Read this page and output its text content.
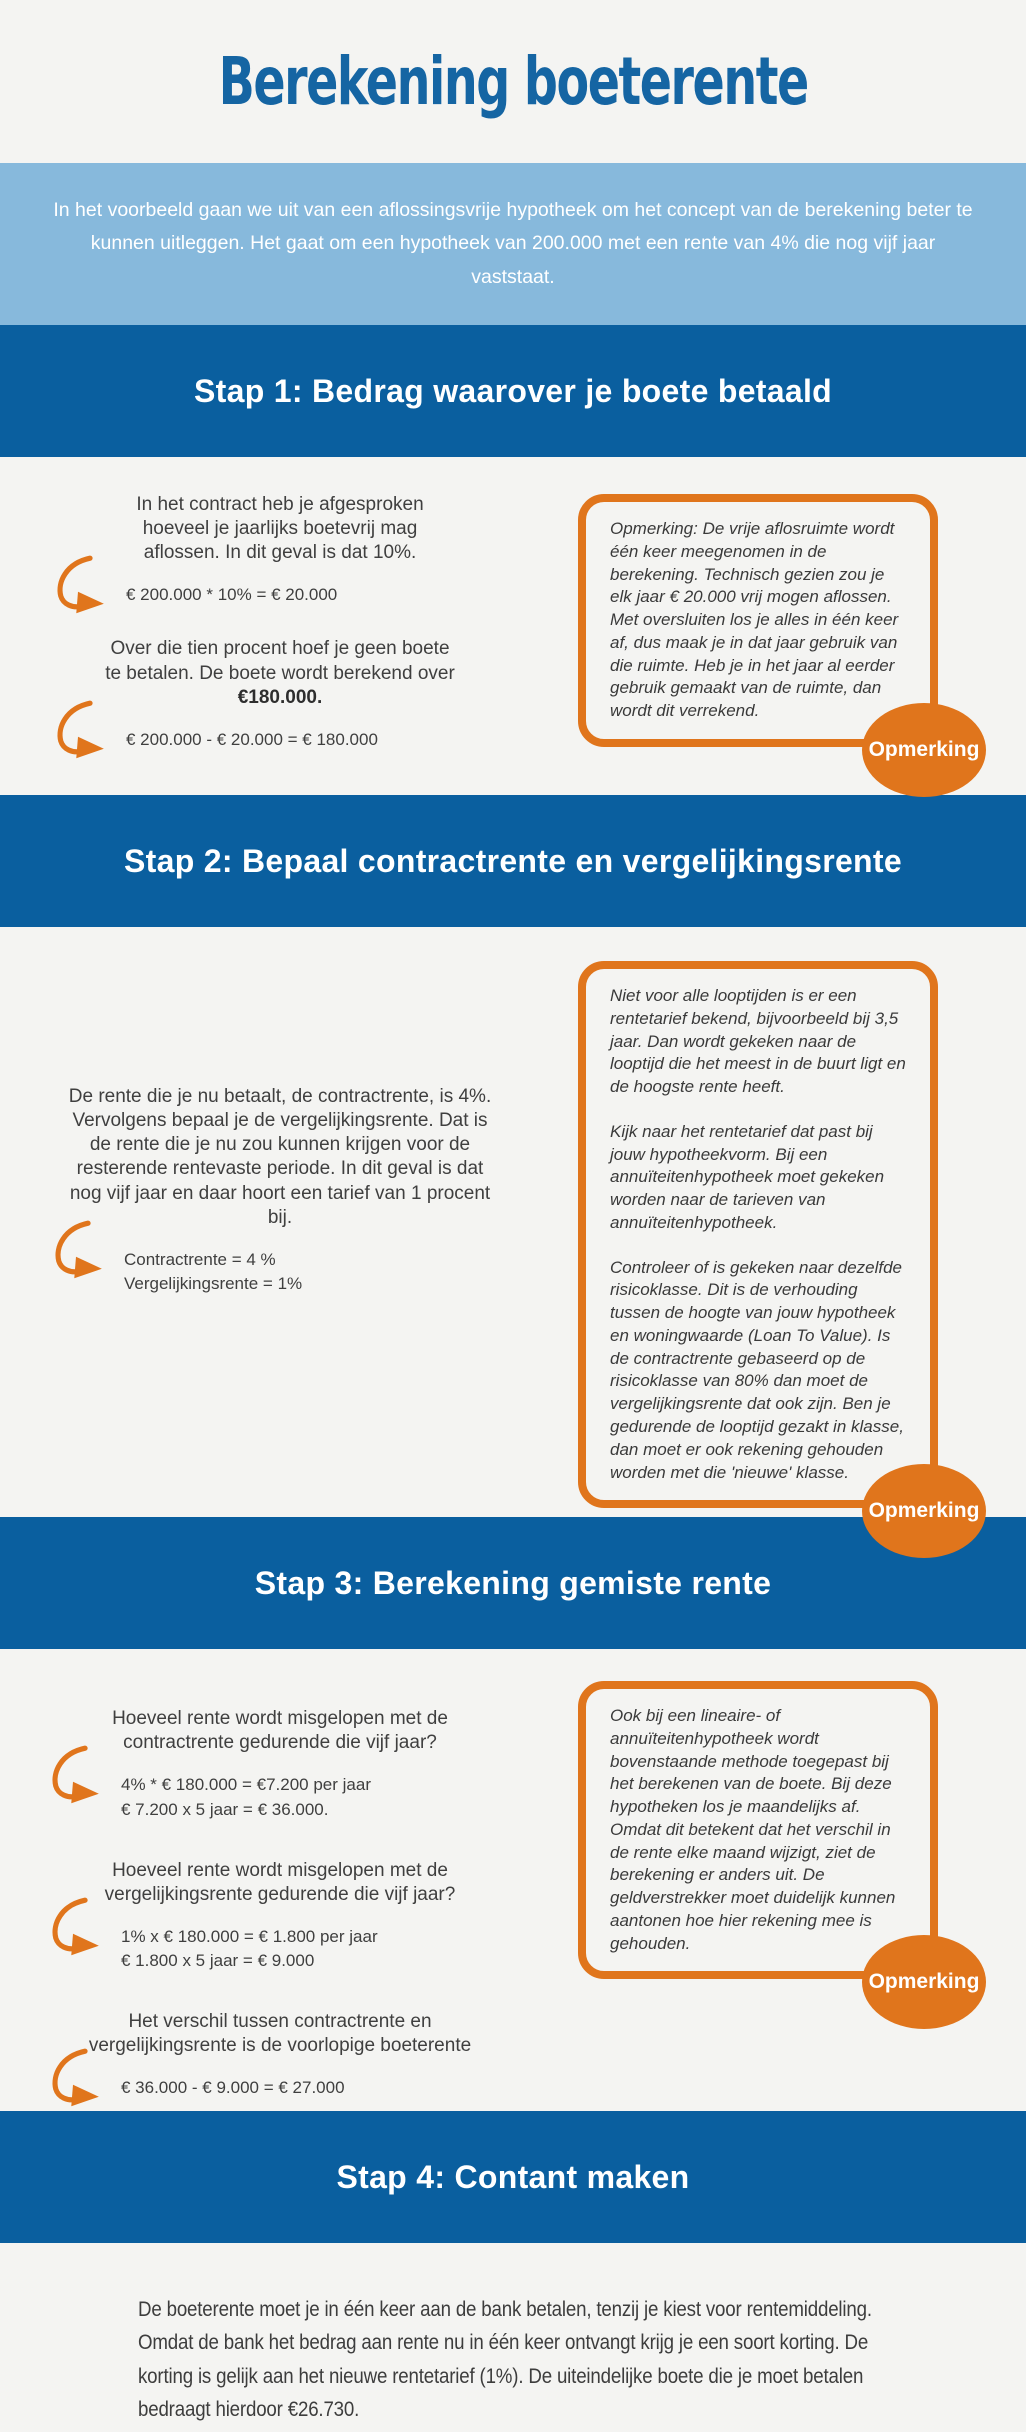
Berekening boeterente

In het voorbeeld gaan we uit van een aflossingsvrije hypotheek om het concept van de berekening beter te kunnen uitleggen. Het gaat om een hypotheek van 200.000 met een rente van 4% die nog vijf jaar vaststaat.

Stap 1: Bedrag waarover je boete betaald

In het contract heb je afgesproken hoeveel je jaarlijks boetevrij mag aflossen. In dit geval is dat 10%.

€ 200.000 * 10% = € 20.000

Over die tien procent hoef je geen boete te betalen. De boete wordt berekend over €180.000.

€ 200.000 - € 20.000 = € 180.000

Opmerking: De vrije aflosruimte wordt één keer meegenomen in de berekening. Technisch gezien zou je elk jaar € 20.000 vrij mogen aflossen. Met oversluiten los je alles in één keer af, dus maak je in dat jaar gebruik van die ruimte. Heb je in het jaar al eerder gebruik gemaakt van de ruimte, dan wordt dit verrekend.

Opmerking
Stap 2: Bepaal contractrente en vergelijkingsrente

De rente die je nu betaalt, de contractrente, is 4%. Vervolgens bepaal je de vergelijkingsrente. Dat is de rente die je nu zou kunnen krijgen voor de resterende rentevaste periode. In dit geval is dat nog vijf jaar en daar hoort een tarief van 1 procent bij.

Contractrente = 4 %
Vergelijkingsrente = 1%

Niet voor alle looptijden is er een rentetarief bekend, bijvoorbeeld bij 3,5 jaar. Dan wordt gekeken naar de looptijd die het meest in de buurt ligt en de hoogste rente heeft.

Kijk naar het rentetarief dat past bij jouw hypotheekvorm. Bij een annuïteitenhypotheek moet gekeken worden naar de tarieven van annuïteitenhypotheek.

Controleer of is gekeken naar dezelfde risicoklasse. Dit is de verhouding tussen de hoogte van jouw hypotheek en woningwaarde (Loan To Value). Is de contractrente gebaseerd op de risicoklasse van 80% dan moet de vergelijkingsrente dat ook zijn. Ben je gedurende de looptijd gezakt in klasse, dan moet er ook rekening gehouden worden met die 'nieuwe' klasse.

Opmerking
Stap 3: Berekening gemiste rente

Hoeveel rente wordt misgelopen met de contractrente gedurende die vijf jaar?

4% * € 180.000 = €7.200 per jaar
€ 7.200 x 5 jaar = € 36.000.

Hoeveel rente wordt misgelopen met de vergelijkingsrente gedurende die vijf jaar?

1% x € 180.000 = € 1.800 per jaar
€ 1.800 x 5 jaar = € 9.000

Het verschil tussen contractrente en vergelijkingsrente is de voorlopige boeterente

€ 36.000 - € 9.000 = € 27.000

Ook bij een lineaire- of annuïteitenhypotheek wordt bovenstaande methode toegepast bij het berekenen van de boete. Bij deze hypotheken los je maandelijks af. Omdat dit betekent dat het verschil in de rente elke maand wijzigt, ziet de berekening er anders uit. De geldverstrekker moet duidelijk kunnen aantonen hoe hier rekening mee is gehouden.

Opmerking
Stap 4: Contant maken

De boeterente moet je in één keer aan de bank betalen, tenzij je kiest voor rentemiddeling. Omdat de bank het bedrag aan rente nu in één keer ontvangt krijg je een soort korting. De korting is gelijk aan het nieuwe rentetarief (1%). De uiteindelijke boete die je moet betalen bedraagt hierdoor €26.730.
